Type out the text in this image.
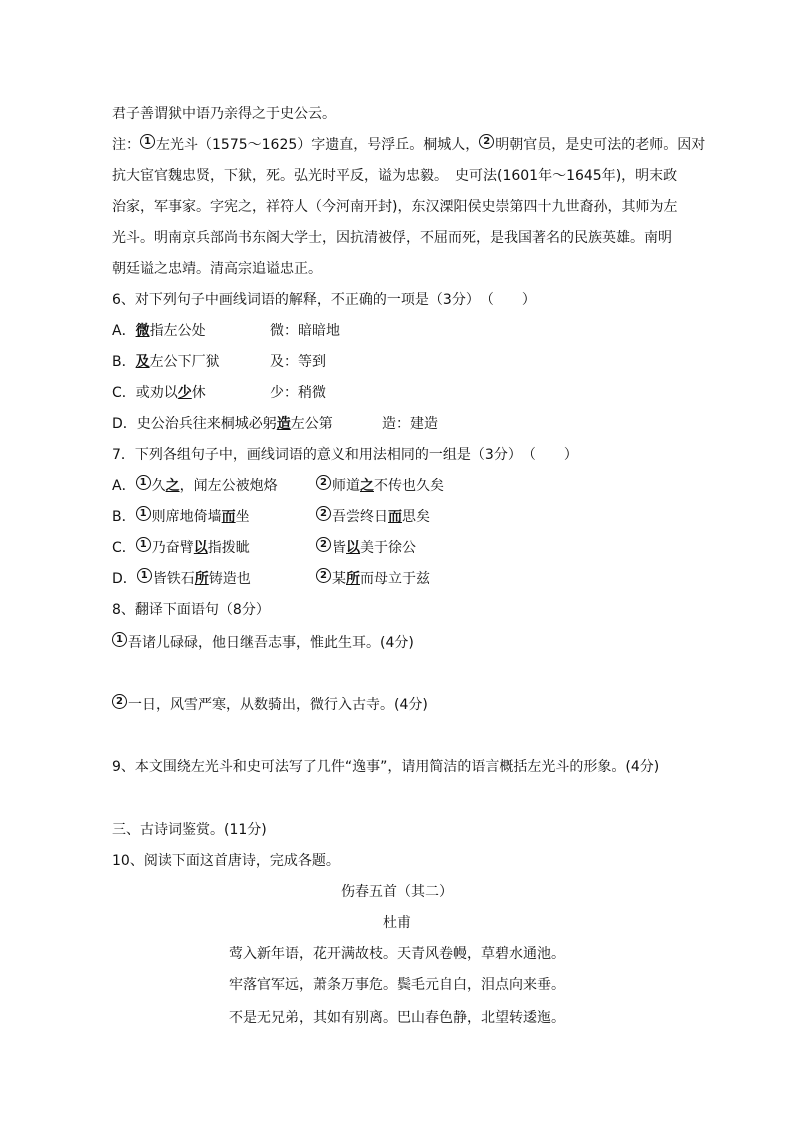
君子善谓狱中语乃亲得之于史公云。

注： 1 左光斗（1575～1625）字遗直，号浮丘。桐城人， 2 明朝官员，是史可法的老师。因对

抗大宦官魏忠贤，下狱，死。弘光时平反，谥为忠毅。　史可法(1601年～1645年)，明末政

治家，军事家。字宪之，祥符人（今河南开封)，东汉溧阳侯史崇第四十九世裔孙，其师为左

光斗。明南京兵部尚书东阁大学士，因抗清被俘，不屈而死，是我国著名的民族英雄。南明

朝廷谥之忠靖。清高宗追谥忠正。

6、对下列句子中画线词语的解释，不正确的一项是（3分）　（　　）

A．微指左公处	微：暗暗地
B．及左公下厂狱	及：等到
C．或劝以少休	少：稍微
D．史公治兵往来桐城必躬造左公第	造：建造

7．下列各组句子中，画线词语的意义和用法相同的一组是（3分）　（　　）

A． 1 久之，闻左公被炮烙	2 师道之不传也久矣
B． 1 则席地倚墙而坐	2 吾尝终日而思矣
C． 1 乃奋臂以指拨眦	2 皆以美于徐公
D． 1 皆铁石所铸造也	2 某所而母立于兹

8、翻译下面语句（8分）

1 吾诸儿碌碌，他日继吾志事，惟此生耳。(4分)

2 一日，风雪严寒，从数骑出，微行入古寺。(4分)

9、本文围绕左光斗和史可法写了几件“逸事”，请用简洁的语言概括左光斗的形象。(4分)

三、古诗词鉴赏。(11分)

10、阅读下面这首唐诗，完成各题。

伤春五首（其二）
杜甫
莺入新年语，花开满故枝。天青风卷幔，草碧水通池。
牢落官军远，萧条万事危。鬓毛元自白，泪点向来垂。
不是无兄弟，其如有别离。巴山春色静，北望转逶迤。
